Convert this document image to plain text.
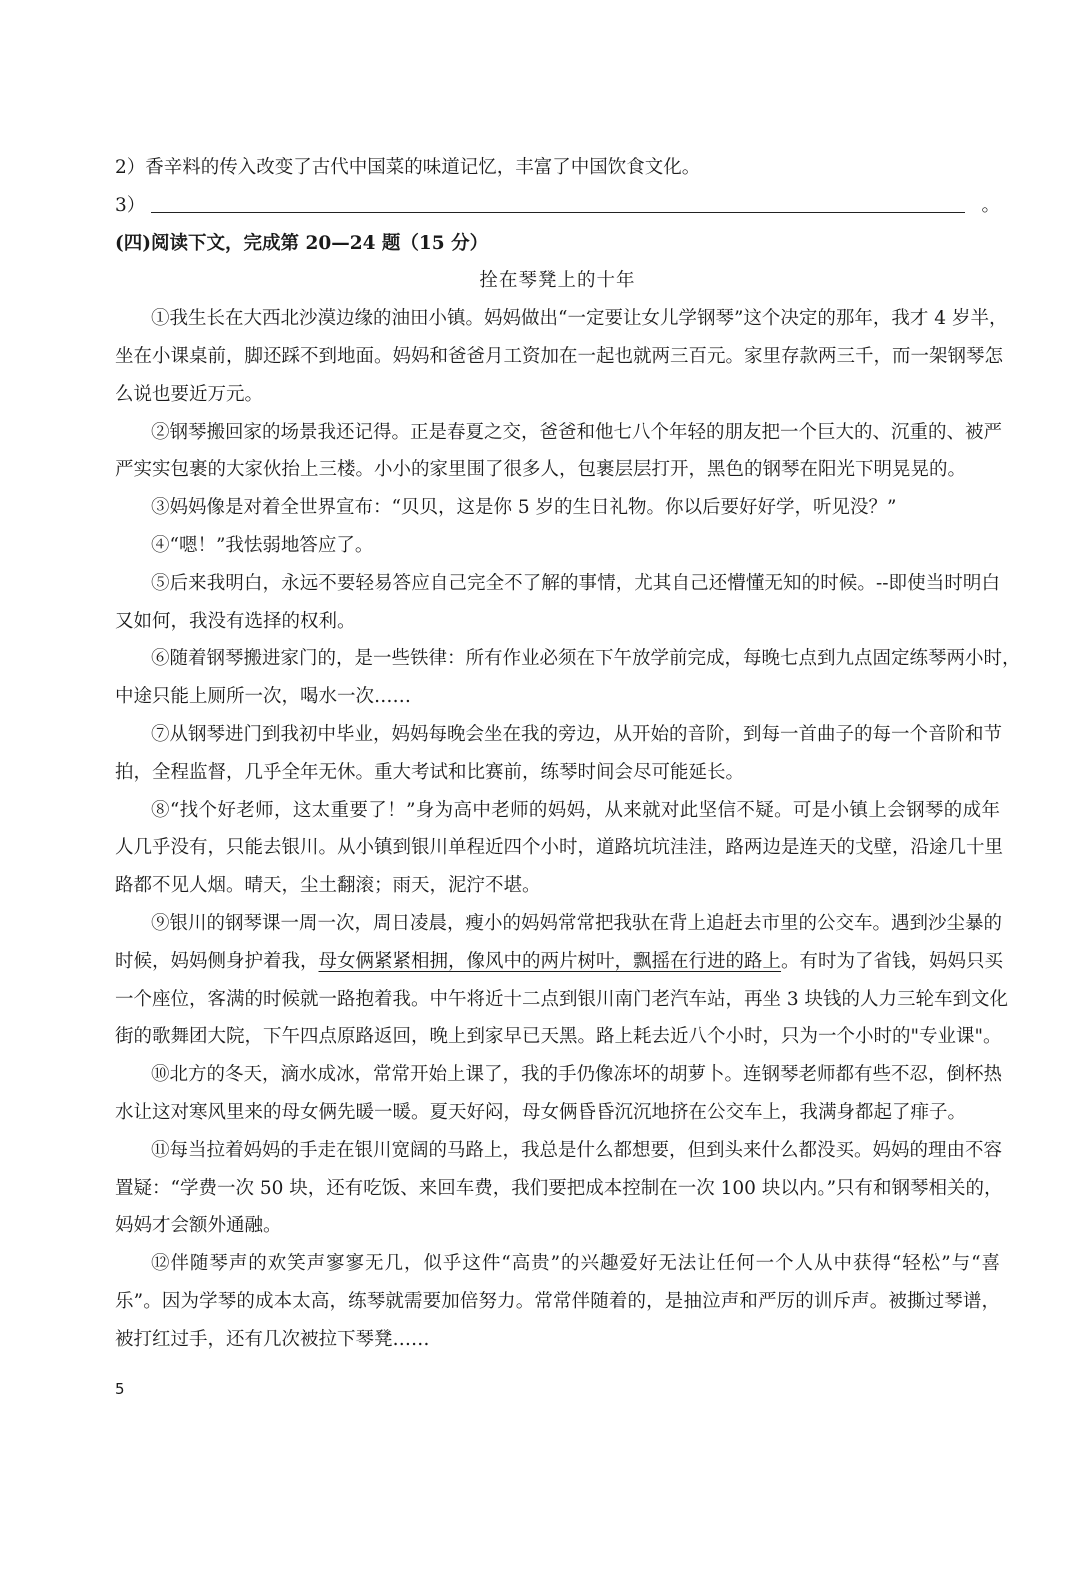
2）香辛料的传入改变了古代中国菜的味道记忆，丰富了中国饮食文化。
3）	。
(四)阅读下文，完成第 20—24 题（15 分）
拴在琴凳上的十年
①我生长在大西北沙漠边缘的油田小镇。妈妈做出“一定要让女儿学钢琴”这个决定的那年，我才 4 岁半，
坐在小课桌前，脚还踩不到地面。妈妈和爸爸月工资加在一起也就两三百元。家里存款两三千，而一架钢琴怎
么说也要近万元。
②钢琴搬回家的场景我还记得。正是春夏之交，爸爸和他七八个年轻的朋友把一个巨大的、沉重的、被严
严实实包裹的大家伙抬上三楼。小小的家里围了很多人，包裹层层打开，黑色的钢琴在阳光下明晃晃的。
③妈妈像是对着全世界宣布：“贝贝，这是你 5 岁的生日礼物。你以后要好好学，听见没？”
④“嗯！”我怯弱地答应了。
⑤后来我明白，永远不要轻易答应自己完全不了解的事情，尤其自己还懵懂无知的时候。--即使当时明白
又如何，我没有选择的权利。
⑥随着钢琴搬进家门的，是一些铁律：所有作业必须在下午放学前完成，每晚七点到九点固定练琴两小时，
中途只能上厕所一次，喝水一次……
⑦从钢琴进门到我初中毕业，妈妈每晚会坐在我的旁边，从开始的音阶，到每一首曲子的每一个音阶和节
拍，全程监督，几乎全年无休。重大考试和比赛前，练琴时间会尽可能延长。
⑧“找个好老师，这太重要了！”身为高中老师的妈妈，从来就对此坚信不疑。可是小镇上会钢琴的成年
人几乎没有，只能去银川。从小镇到银川单程近四个小时，道路坑坑洼洼，路两边是连天的戈壁，沿途几十里
路都不见人烟。晴天，尘土翻滚；雨天，泥泞不堪。
⑨银川的钢琴课一周一次，周日凌晨，瘦小的妈妈常常把我驮在背上追赶去市里的公交车。遇到沙尘暴的
时候，妈妈侧身护着我，母女俩紧紧相拥，像风中的两片树叶，飘摇在行进的路上。有时为了省钱，妈妈只买
一个座位，客满的时候就一路抱着我。中午将近十二点到银川南门老汽车站，再坐 3 块钱的人力三轮车到文化
街的歌舞团大院，下午四点原路返回，晚上到家早已天黑。路上耗去近八个小时，只为一个小时的"专业课"。
⑩北方的冬天，滴水成冰，常常开始上课了，我的手仍像冻坏的胡萝卜。连钢琴老师都有些不忍，倒杯热
水让这对寒风里来的母女俩先暖一暖。夏天好闷，母女俩昏昏沉沉地挤在公交车上，我满身都起了痱子。
⑪每当拉着妈妈的手走在银川宽阔的马路上，我总是什么都想要，但到头来什么都没买。妈妈的理由不容
置疑：“学费一次 50 块，还有吃饭、来回车费，我们要把成本控制在一次 100 块以内。”只有和钢琴相关的，
妈妈才会额外通融。
⑫伴随琴声的欢笑声寥寥无几，似乎这件“高贵”的兴趣爱好无法让任何一个人从中获得“轻松”与“喜
乐”。因为学琴的成本太高，练琴就需要加倍努力。常常伴随着的，是抽泣声和严厉的训斥声。被撕过琴谱，
被打红过手，还有几次被拉下琴凳……
5
